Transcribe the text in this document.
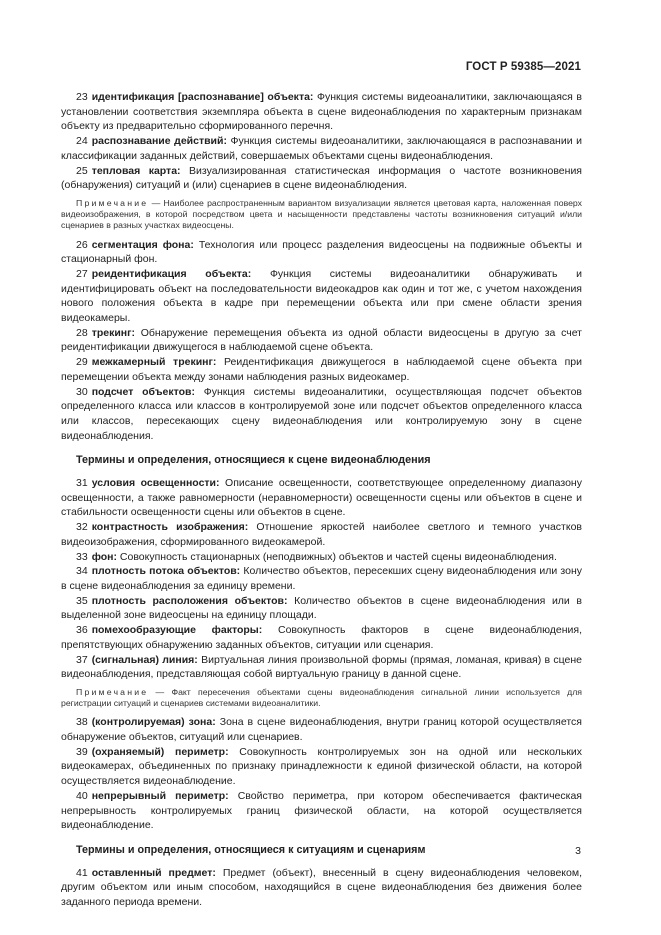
ГОСТ Р 59385—2021

23 идентификация [распознавание] объекта: Функция системы видеоаналитики, заключающаяся в установлении соответствия экземпляра объекта в сцене видеонаблюдения по характерным признакам объекту из предварительно сформированного перечня.

24 распознавание действий: Функция системы видеоаналитики, заключающаяся в распознавании и классификации заданных действий, совершаемых объектами сцены видеонаблюдения.

25 тепловая карта: Визуализированная статистическая информация о частоте возникновения (обнаружения) ситуаций и (или) сценариев в сцене видеонаблюдения.

Примечание — Наиболее распространенным вариантом визуализации является цветовая карта, наложенная поверх видеоизображения, в которой посредством цвета и насыщенности представлены частоты возникновения ситуаций и/или сценариев в разных участках видеосцены.

26 сегментация фона: Технология или процесс разделения видеосцены на подвижные объекты и стационарный фон.

27 реидентификация объекта: Функция системы видеоаналитики обнаруживать и идентифицировать объект на последовательности видеокадров как один и тот же, с учетом нахождения нового положения объекта в кадре при перемещении объекта или при смене области зрения видеокамеры.

28 трекинг: Обнаружение перемещения объекта из одной области видеосцены в другую за счет реидентификации движущегося в наблюдаемой сцене объекта.

29 межкамерный трекинг: Реидентификация движущегося в наблюдаемой сцене объекта при перемещении объекта между зонами наблюдения разных видеокамер.

30 подсчет объектов: Функция системы видеоаналитики, осуществляющая подсчет объектов определенного класса или классов в контролируемой зоне или подсчет объектов определенного класса или классов, пересекающих сцену видеонаблюдения или контролируемую зону в сцене видеонаблюдения.

Термины и определения, относящиеся к сцене видеонаблюдения

31 условия освещенности: Описание освещенности, соответствующее определенному диапазону освещенности, а также равномерности (неравномерности) освещенности сцены или объектов в сцене и стабильности освещенности сцены или объектов в сцене.

32 контрастность изображения: Отношение яркостей наиболее светлого и темного участков видеоизображения, сформированного видеокамерой.

33 фон: Совокупность стационарных (неподвижных) объектов и частей сцены видеонаблюдения.

34 плотность потока объектов: Количество объектов, пересекших сцену видеонаблюдения или зону в сцене видеонаблюдения за единицу времени.

35 плотность расположения объектов: Количество объектов в сцене видеонаблюдения или в выделенной зоне видеосцены на единицу площади.

36 помехообразующие факторы: Совокупность факторов в сцене видеонаблюдения, препятствующих обнаружению заданных объектов, ситуации или сценария.

37 (сигнальная) линия: Виртуальная линия произвольной формы (прямая, ломаная, кривая) в сцене видеонаблюдения, представляющая собой виртуальную границу в данной сцене.

Примечание — Факт пересечения объектами сцены видеонаблюдения сигнальной линии используется для регистрации ситуаций и сценариев системами видеоаналитики.

38 (контролируемая) зона: Зона в сцене видеонаблюдения, внутри границ которой осуществляется обнаружение объектов, ситуаций или сценариев.

39 (охраняемый) периметр: Совокупность контролируемых зон на одной или нескольких видеокамерах, объединенных по признаку принадлежности к единой физической области, на которой осуществляется видеонаблюдение.

40 непрерывный периметр: Свойство периметра, при котором обеспечивается фактическая непрерывность контролируемых границ физической области, на которой осуществляется видеонаблюдение.

Термины и определения, относящиеся к ситуациям и сценариям

41 оставленный предмет: Предмет (объект), внесенный в сцену видеонаблюдения человеком, другим объектом или иным способом, находящийся в сцене видеонаблюдения без движения более заданного периода времени.

3
